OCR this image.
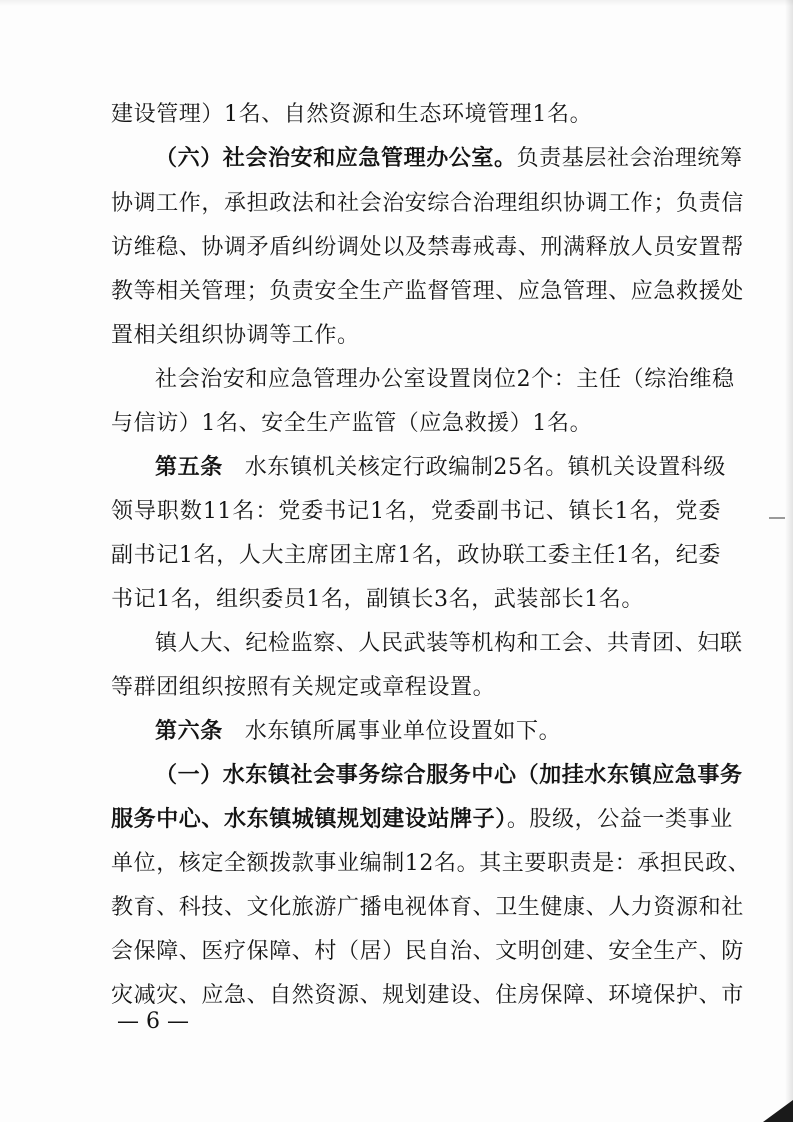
建设管理）1名、自然资源和生态环境管理1名。
（六）社会治安和应急管理办公室。负责基层社会治理统筹
协调工作，承担政法和社会治安综合治理组织协调工作；负责信
访维稳、协调矛盾纠纷调处以及禁毒戒毒、刑满释放人员安置帮
教等相关管理；负责安全生产监督管理、应急管理、应急救援处
置相关组织协调等工作。
社会治安和应急管理办公室设置岗位2个：主任（综治维稳
与信访）1名、安全生产监管（应急救援）1名。
第五条 水东镇机关核定行政编制25名。镇机关设置科级
领导职数11名：党委书记1名，党委副书记、镇长1名，党委
副书记1名，人大主席团主席1名，政协联工委主任1名，纪委
书记1名，组织委员1名，副镇长3名，武装部长1名。
镇人大、纪检监察、人民武装等机构和工会、共青团、妇联
等群团组织按照有关规定或章程设置。
第六条 水东镇所属事业单位设置如下。
（一）水东镇社会事务综合服务中心（加挂水东镇应急事务
服务中心、水东镇城镇规划建设站牌子）。股级，公益一类事业
单位，核定全额拨款事业编制12名。其主要职责是：承担民政、
教育、科技、文化旅游广播电视体育、卫生健康、人力资源和社
会保障、医疗保障、村（居）民自治、文明创建、安全生产、防
灾减灾、应急、自然资源、规划建设、住房保障、环境保护、市
— 6 —
